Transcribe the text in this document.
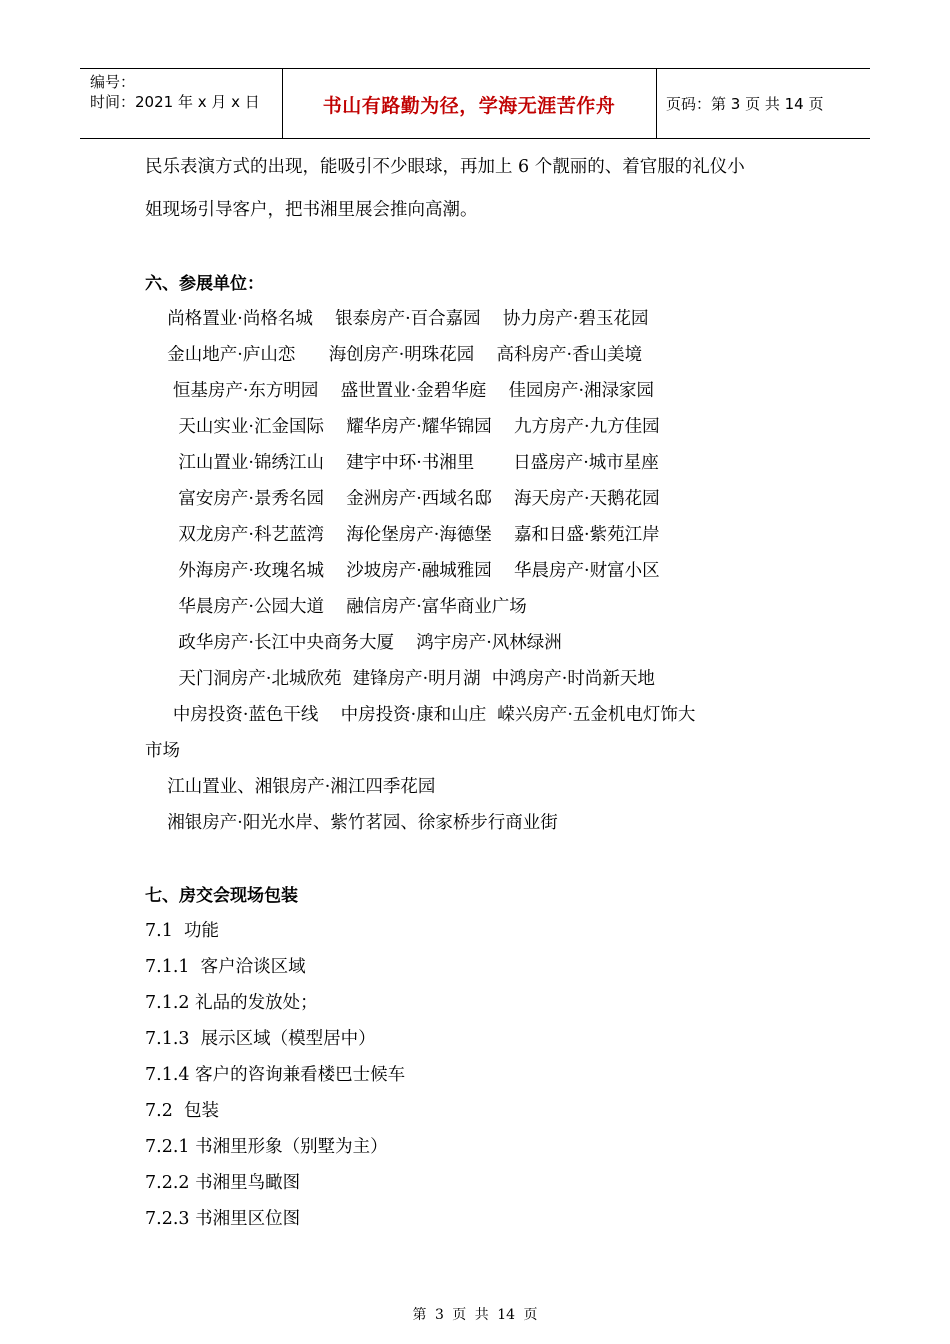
编号：
时间：2021 年 x 月 x 日	书山有路勤为径，学海无涯苦作舟	页码：第 3 页 共 14 页
民乐表演方式的出现，能吸引不少眼球，再加上 6 个靓丽的、着官服的礼仪小
姐现场引导客户，把书湘里展会推向高潮。
六、参展单位：
尚格置业·尚格名城    银泰房产·百合嘉园    协力房产·碧玉花园
金山地产·庐山恋      海创房产·明珠花园    高科房产·香山美境
恒基房产·东方明园    盛世置业·金碧华庭    佳园房产·湘渌家园
天山实业·汇金国际    耀华房产·耀华锦园    九方房产·九方佳园
江山置业·锦绣江山    建宇中环·书湘里       日盛房产·城市星座
富安房产·景秀名园    金洲房产·西域名邸    海天房产·天鹅花园
双龙房产·科艺蓝湾    海伦堡房产·海德堡    嘉和日盛·紫苑江岸
外海房产·玫瑰名城    沙坡房产·融城雅园    华晨房产·财富小区
华晨房产·公园大道    融信房产·富华商业广场
政华房产·长江中央商务大厦    鸿宇房产·风林绿洲
天门洞房产·北城欣苑  建锋房产·明月湖  中鸿房产·时尚新天地
中房投资·蓝色干线    中房投资·康和山庄  嵘兴房产·五金机电灯饰大
市场
江山置业、湘银房产·湘江四季花园
湘银房产·阳光水岸、紫竹茗园、徐家桥步行商业街
七、房交会现场包装
7.1  功能
7.1.1  客户洽谈区域
7.1.2 礼品的发放处；
7.1.3  展示区域（模型居中）
7.1.4 客户的咨询兼看楼巴士候车
7.2  包装
7.2.1 书湘里形象（别墅为主）
7.2.2 书湘里鸟瞰图
7.2.3 书湘里区位图
第 3 页 共 14 页
